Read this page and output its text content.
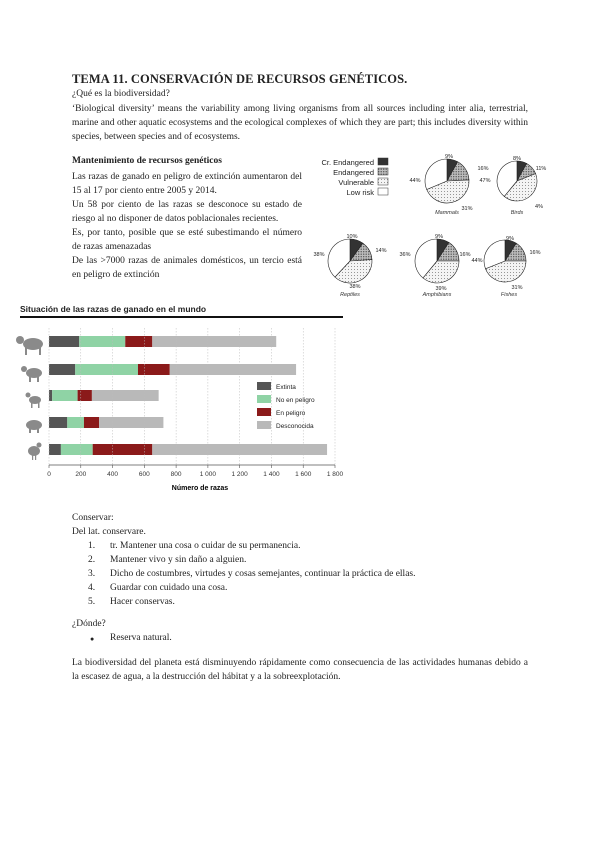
TEMA 11. CONSERVACIÓN DE RECURSOS GENÉTICOS.
¿Qué es la biodiversidad?
‘Biological diversity’ means the variability among living organisms from all sources including inter alia, terrestrial, marine and other aquatic ecosystems and the ecological complexes of which they are part; this includes diversity within species, between species and of ecosystems.
Mantenimiento de recursos genéticos

Las razas de ganado en peligro de extinción aumentaron del 15 al 17 por ciento entre 2005 y 2014.

Un 58 por ciento de las razas se desconoce su estado de riesgo al no disponer de datos poblacionales recientes.

Es, por tanto, posible que se esté subestimando el número de razas amenazadas

De las >7000 razas de animales domésticos, un tercio está en peligro de extinción

Cr. Endangered
Endangered
Vulnerable
Low risk
9%
16%
44%
31%
Mammals
8%
11%
47%
4%
Birds
10%
14%
38%
38%
Reptiles
9%
16%
36%
39%
Amphibians
9%
16%
44%
31%
Fishes
Situación de las razas de ganado en el mundo
0	200	400	600	800	1 000 1 200 1 400 1 600 1 800
Extinta
No en peligro
En peligro
Desconocida
Número de razas
Conservar:
Del lat. conservare.
1. tr. Mantener una cosa o cuidar de su permanencia.
2. Mantener vivo y sin daño a alguien.
3. Dicho de costumbres, virtudes y cosas semejantes, continuar la práctica de ellas.
4. Guardar con cuidado una cosa.
5. Hacer conservas.
¿Dónde?
● Reserva natural.
La biodiversidad del planeta está disminuyendo rápidamente como consecuencia de las actividades humanas debido a la escasez de agua, a la destrucción del hábitat y a la sobreexplotación.
